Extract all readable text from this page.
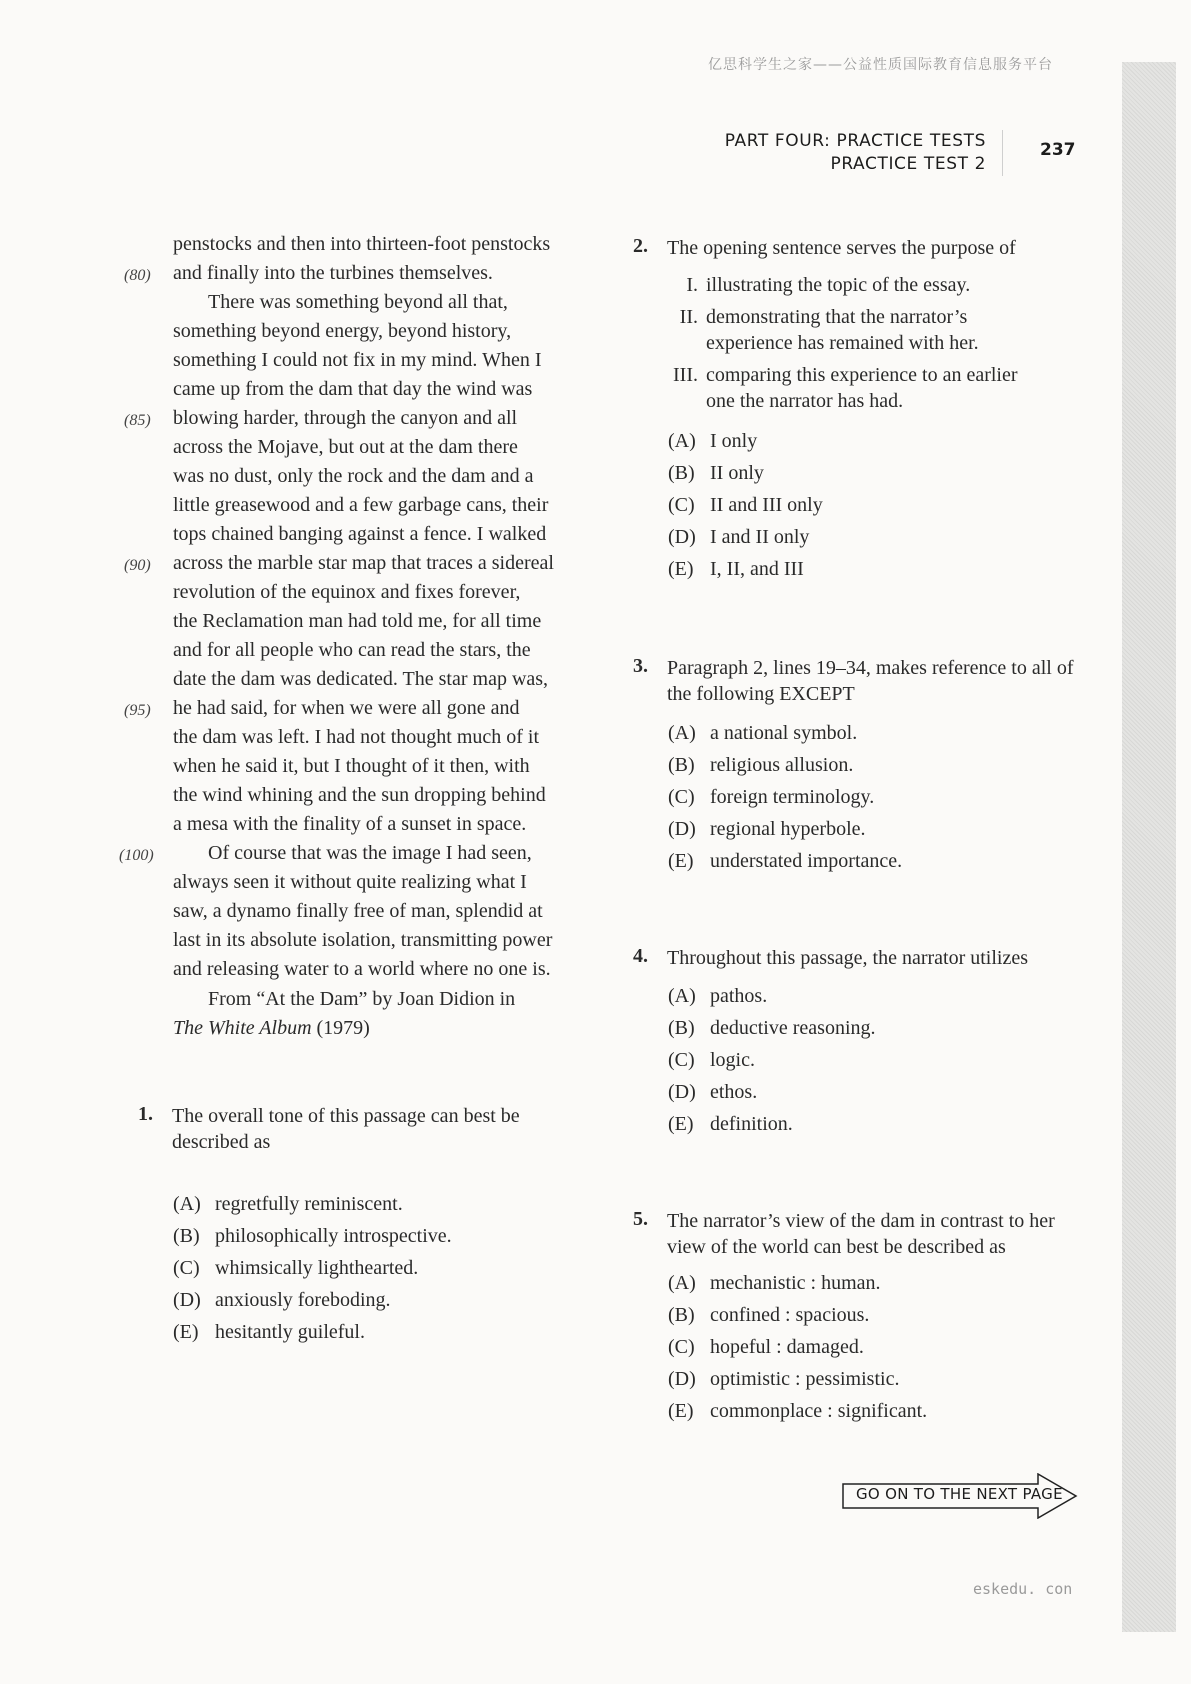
亿思科学生之家——公益性质国际教育信息服务平台
PART FOUR: PRACTICE TESTS
PRACTICE TEST 2
237
penstocks and then into thirteen-foot penstocks
and finally into the turbines themselves.
There was something beyond all that,
something beyond energy, beyond history,
something I could not fix in my mind. When I
came up from the dam that day the wind was
blowing harder, through the canyon and all
across the Mojave, but out at the dam there
was no dust, only the rock and the dam and a
little greasewood and a few garbage cans, their
tops chained banging against a fence. I walked
across the marble star map that traces a sidereal
revolution of the equinox and fixes forever,
the Reclamation man had told me, for all time
and for all people who can read the stars, the
date the dam was dedicated. The star map was,
he had said, for when we were all gone and
the dam was left. I had not thought much of it
when he said it, but I thought of it then, with
the wind whining and the sun dropping behind
a mesa with the finality of a sunset in space.
Of course that was the image I had seen,
always seen it without quite realizing what I
saw, a dynamo finally free of man, splendid at
last in its absolute isolation, transmitting power
and releasing water to a world where no one is.
(80)
(85)
(90)
(95)
(100)
From “At the Dam” by Joan Didion in
The White Album (1979)
1. The overall tone of this passage can best be described as
(A) regretfully reminiscent.
(B) philosophically introspective.
(C) whimsically lighthearted.
(D) anxiously foreboding.
(E) hesitantly guileful.
2. The opening sentence serves the purpose of
I. illustrating the topic of the essay.
II. demonstrating that the narrator’s experience has remained with her.
III. comparing this experience to an earlier one the narrator has had.
(A) I only
(B) II only
(C) II and III only
(D) I and II only
(E) I, II, and III
3. Paragraph 2, lines 19–34, makes reference to all of the following EXCEPT
(A) a national symbol.
(B) religious allusion.
(C) foreign terminology.
(D) regional hyperbole.
(E) understated importance.
4. Throughout this passage, the narrator utilizes
(A) pathos.
(B) deductive reasoning.
(C) logic.
(D) ethos.
(E) definition.
5. The narrator’s view of the dam in contrast to her view of the world can best be described as
(A) mechanistic : human.
(B) confined : spacious.
(C) hopeful : damaged.
(D) optimistic : pessimistic.
(E) commonplace : significant.
GO ON TO THE NEXT PAGE
eskedu. con
